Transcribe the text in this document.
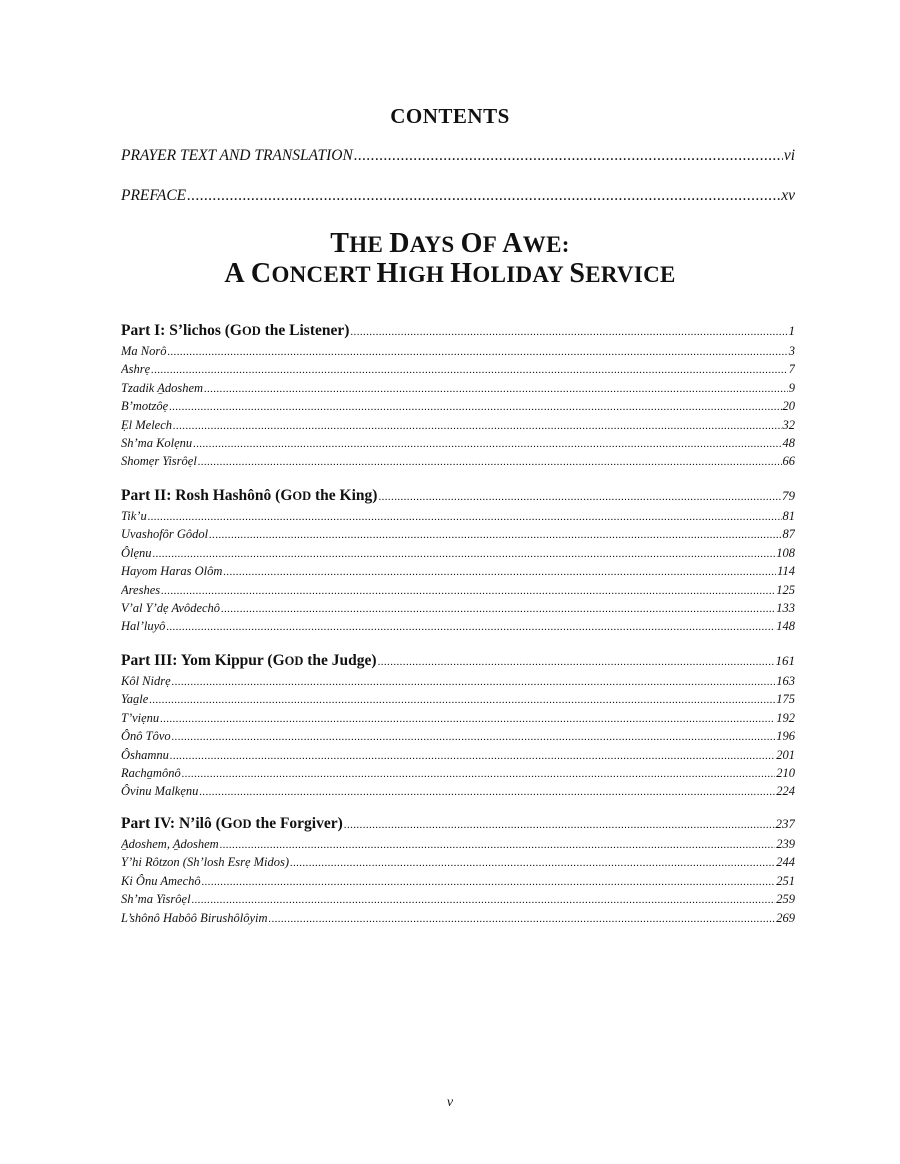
CONTENTS
PRAYER TEXT AND TRANSLATION .....	vi
PREFACE .....	xv
THE DAYS OF AWE:
A CONCERT HIGH HOLIDAY SERVICE
Part I: S’lichos (GOD the Listener) .....	1
Ma Norô .....	3
Ashrẹ .....	7
Tzadik A̱doshem .....	9
B’motzôẹ .....	20
Ẹl Melech .....	32
Sh’ma Kolẹnu .....	48
Shomẹr Yisrôẹl .....	66
Part II: Rosh Hashônô (GOD the King) .....	79
Tik’u .....	81
Uvashofôr Gôdol .....	87
Ôlẹnu .....	108
Hayom Haras Olôm .....	114
Areshes .....	125
V’al Y’dẹ Avôdechô .....	133
Hal’luyô .....	148
Part III: Yom Kippur (GOD the Judge) .....	161
Kôl Nidrẹ .....	163
Yaa̱le .....	175
T’viẹnu .....	192
Ônô Tôvo .....	196
Ôshamnu .....	201
Racha̱mônô .....	210
Ôvinu Malkẹnu .....	224
Part IV: N’ilô (GOD the Forgiver) .....	237
A̱doshem, A̱doshem .....	239
Y’hi Rôtzon (Sh’losh Esrẹ Midos) .....	244
Ki Ônu Amechô .....	251
Sh’ma Yisrôẹl .....	259
L’shônô Habôô Birushôlôyim .....	269
v
